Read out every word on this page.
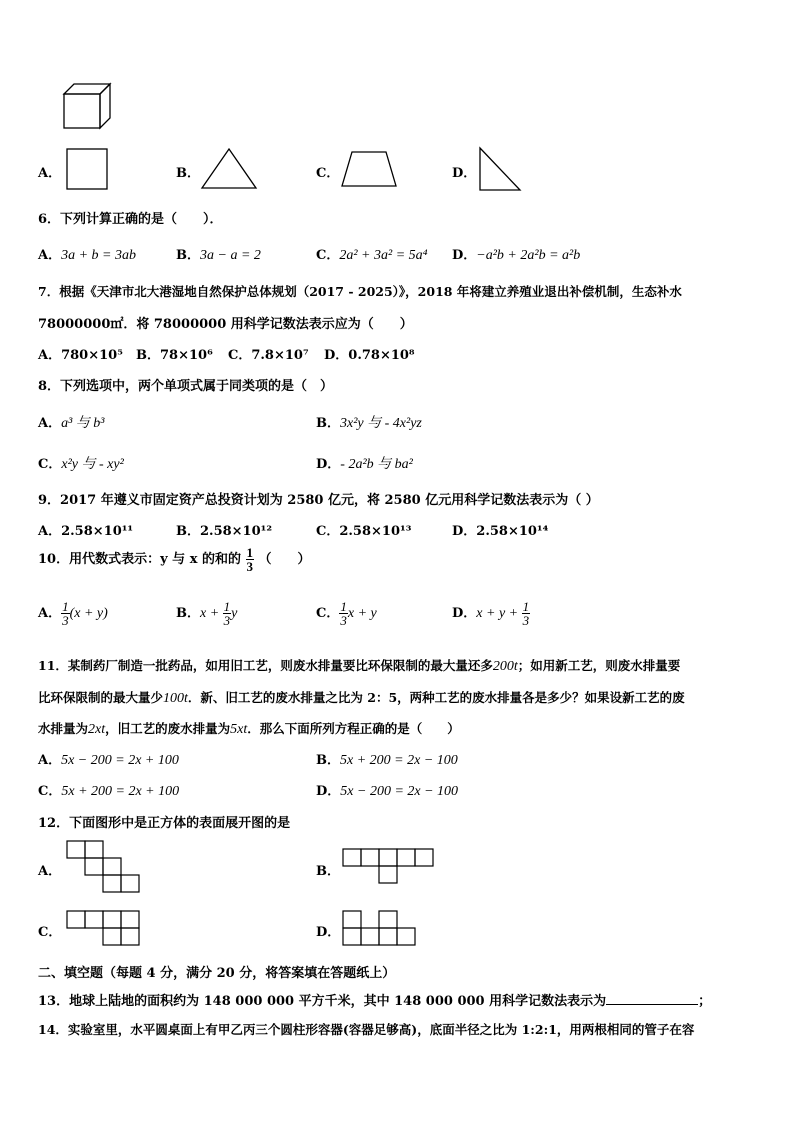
A．	B．	C．	D．
6．下列计算正确的是（　　）．
A．3a + b = 3ab	B．3a − a = 2	C．2a² + 3a² = 5a⁴ D．−a²b + 2a²b = a²b
7．根据《天津市北大港湿地自然保护总体规划（2017 - 2025）》，2018 年将建立养殖业退出补偿机制，生态补水
78000000㎡．将 78000000 用科学记数法表示应为（　　）
A．780×10⁵ B．78×10⁶ C．7.8×10⁷ D．0.78×10⁸
8．下列选项中，两个单项式属于同类项的是（　）
A．a³ 与 b³	B．3x²y 与 - 4x²yz
C．x²y 与 - xy²	D．- 2a²b 与 ba²
9．2017 年遵义市固定资产总投资计划为 2580 亿元，将 2580 亿元用科学记数法表示为（ ）
A．2.58×10¹¹	B．2.58×10¹²	C．2.58×10¹³	D．2.58×10¹⁴
10．用代数式表示：y 与 x 的和的 $\frac{1}{3}$ （　　）
A． $\frac{1}{3} (x + y)$	B．$x + \frac{1}{3}$ y	C． $\frac{1}{3}$ x + y	D．$x + y + \frac{1}{3}$
11．某制药厂制造一批药品，如用旧工艺，则废水排量要比环保限制的最大量还多200t；如用新工艺，则废水排量要
比环保限制的最大量少100t．新、旧工艺的废水排量之比为 2：5，两种工艺的废水排量各是多少？如果设新工艺的废
水排量为2xt，旧工艺的废水排量为5xt．那么下面所列方程正确的是（　　）
A．5x − 200 = 2x + 100	B．5x + 200 = 2x − 100
C．5x + 200 = 2x + 100	D．5x − 200 = 2x − 100
12．下面图形中是正方体的表面展开图的是
A．	B．
C．	D．
二、填空题（每题 4 分，满分 20 分，将答案填在答题纸上）
13．地球上陆地的面积约为 148 000 000 平方千米，其中 148 000 000 用科学记数法表示为	；
14．实验室里，水平圆桌面上有甲乙丙三个圆柱形容器(容器足够高)，底面半径之比为 1:2:1，用两根相同的管子在容
